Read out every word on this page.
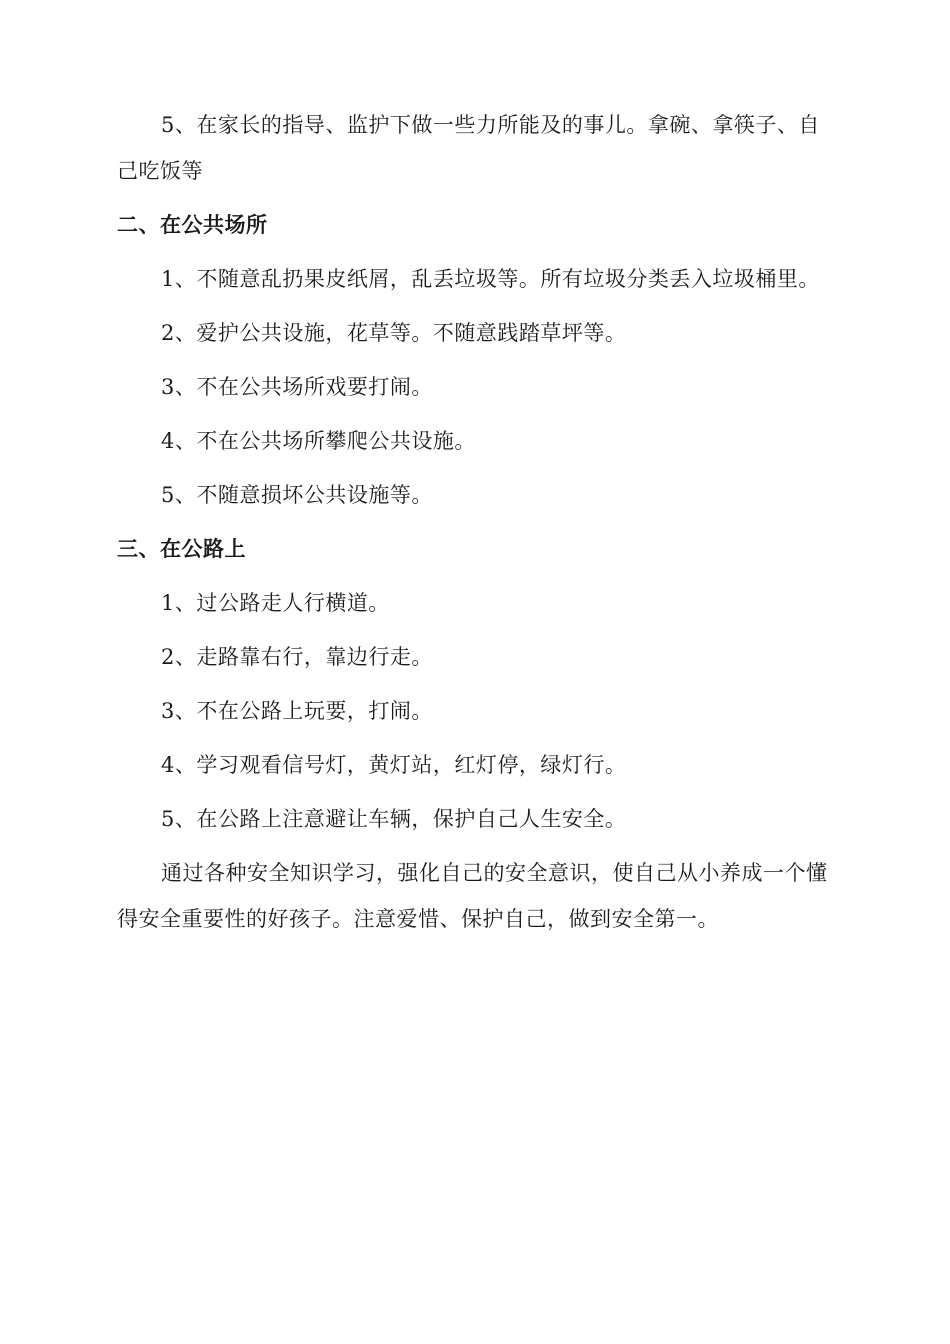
5、在家长的指导、监护下做一些力所能及的事儿。拿碗、拿筷子、自己吃饭等

二、在公共场所

1、不随意乱扔果皮纸屑，乱丢垃圾等。所有垃圾分类丢入垃圾桶里。

2、爱护公共设施，花草等。不随意践踏草坪等。

3、不在公共场所戏要打闹。

4、不在公共场所攀爬公共设施。

5、不随意损坏公共设施等。

三、在公路上

1、过公路走人行横道。

2、走路靠右行，靠边行走。

3、不在公路上玩要，打闹。

4、学习观看信号灯，黄灯站，红灯停，绿灯行。

5、在公路上注意避让车辆，保护自己人生安全。

通过各种安全知识学习，强化自己的安全意识，使自己从小养成一个懂得安全重要性的好孩子。注意爱惜、保护自己，做到安全第一。
